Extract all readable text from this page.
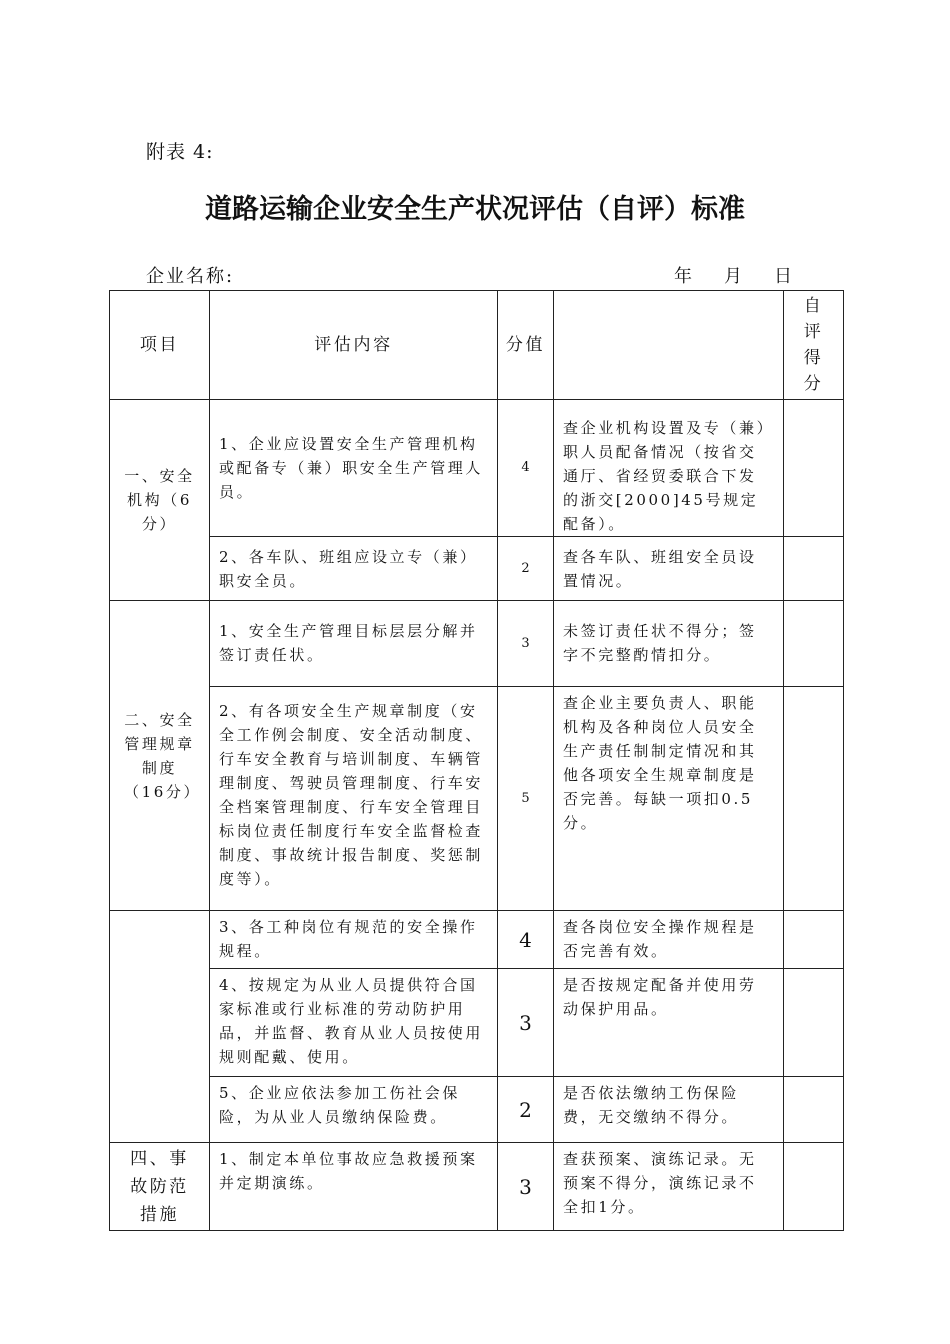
附表 4:
道路运输企业安全生产状况评估（自评）标准
企业名称:	年 月 日
项目	评估内容	分值		自评得分
一、安全机构（6分）	1、企业应设置安全生产管理机构或配备专（兼）职安全生产管理人员。	4	查企业机构设置及专（兼）职人员配备情况（按省交通厅、省经贸委联合下发的浙交[2000]45号规定配备）。	
	2、各车队、班组应设立专（兼）职安全员。	2	查各车队、班组安全员设置情况。	
二、安全管理规章制度（16分）	1、安全生产管理目标层层分解并签订责任状。	3	未签订责任状不得分；签字不完整酌情扣分。	
	2、有各项安全生产规章制度（安全工作例会制度、安全活动制度、行车安全教育与培训制度、车辆管理制度、驾驶员管理制度、行车安全档案管理制度、行车安全管理目标岗位责任制度行车安全监督检查制度、事故统计报告制度、奖惩制度等）。	5	查企业主要负责人、职能机构及各种岗位人员安全生产责任制制定情况和其他各项安全生规章制度是否完善。每缺一项扣0.5分。	
	3、各工种岗位有规范的安全操作规程。	4	查各岗位安全操作规程是否完善有效。	
	4、按规定为从业人员提供符合国家标准或行业标准的劳动防护用品，并监督、教育从业人员按使用规则配戴、使用。	3	是否按规定配备并使用劳动保护用品。	
	5、企业应依法参加工伤社会保险，为从业人员缴纳保险费。	2	是否依法缴纳工伤保险费，无交缴纳不得分。	
四、事故防范措施	1、制定本单位事故应急救援预案并定期演练。	3	查获预案、演练记录。无预案不得分，演练记录不全扣1分。	
